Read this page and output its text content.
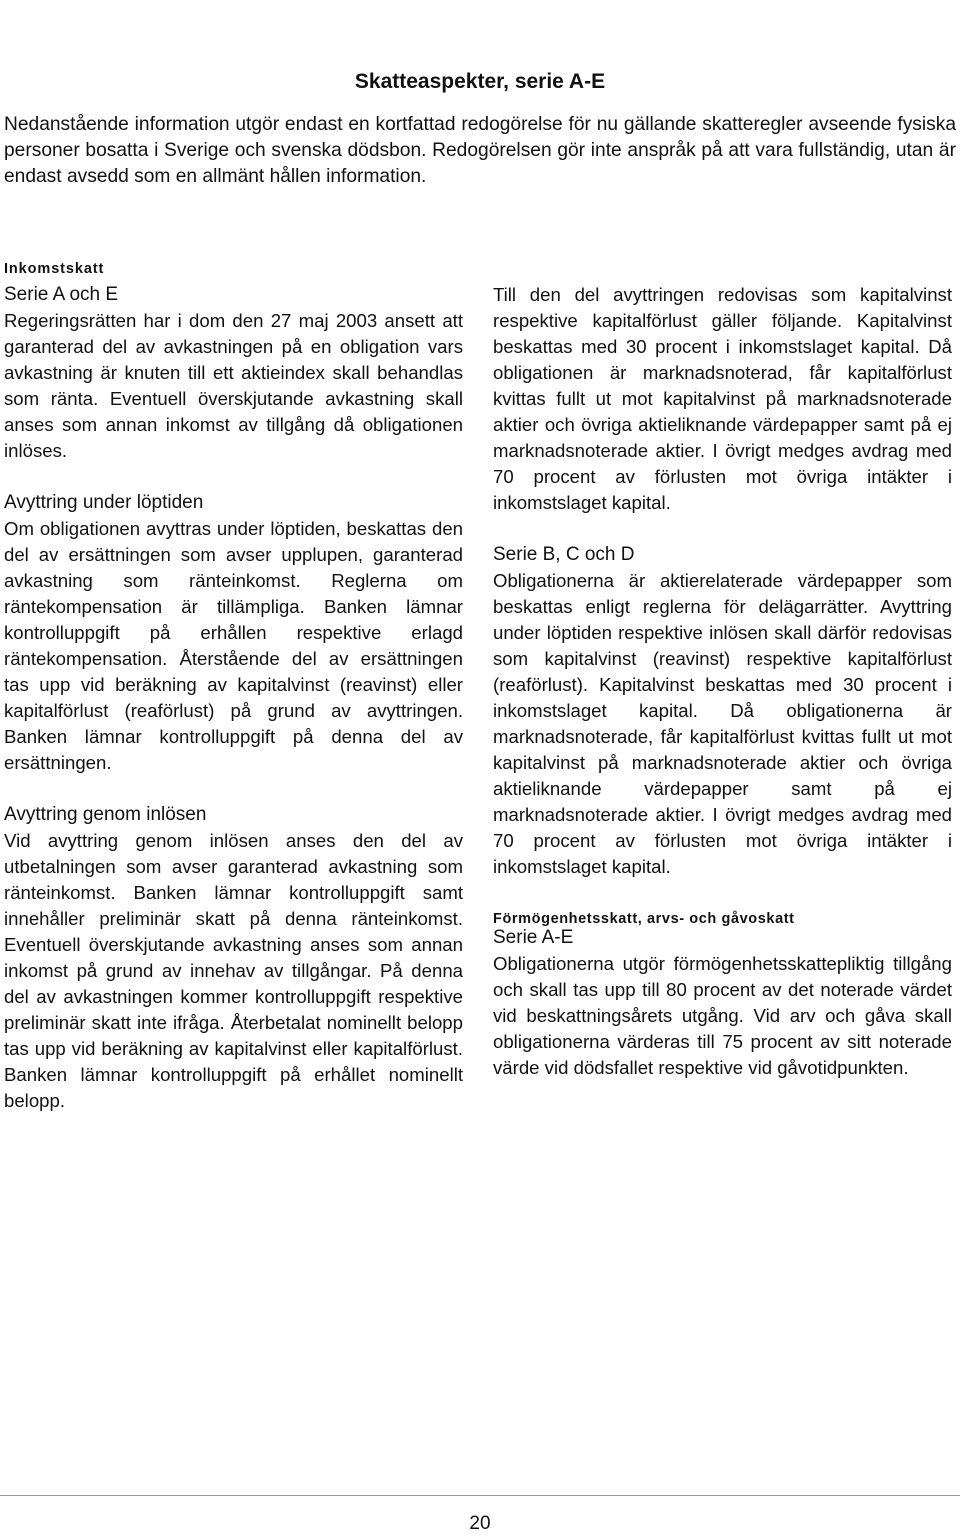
Skatteaspekter, serie A-E

Nedanstående information utgör endast en kortfattad redogörelse för nu gällande skatteregler avseende fysiska personer bosatta i Sverige och svenska dödsbon. Redogörelsen gör inte anspråk på att vara fullständig, utan är endast avsedd som en allmänt hållen information.

Inkomstskatt

Serie A och E

Regeringsrätten har i dom den 27 maj 2003 ansett att garanterad del av avkastningen på en obligation vars avkastning är knuten till ett aktieindex skall behandlas som ränta. Eventuell överskjutande avkastning skall anses som annan inkomst av tillgång då obligationen inlöses.

Avyttring under löptiden

Om obligationen avyttras under löptiden, beskattas den del av ersättningen som avser upplupen, garanterad avkastning som ränteinkomst. Reglerna om räntekompensation är tillämpliga. Banken lämnar kontrolluppgift på erhållen respektive erlagd räntekompensation. Återstående del av ersättningen tas upp vid beräkning av kapitalvinst (reavinst) eller kapitalförlust (reaförlust) på grund av avyttringen. Banken lämnar kontrolluppgift på denna del av ersättningen.

Avyttring genom inlösen

Vid avyttring genom inlösen anses den del av utbetalningen som avser garanterad avkastning som ränteinkomst. Banken lämnar kontrolluppgift samt innehåller preliminär skatt på denna ränteinkomst. Eventuell överskjutande avkastning anses som annan inkomst på grund av innehav av tillgångar. På denna del av avkastningen kommer kontrolluppgift respektive preliminär skatt inte ifråga. Återbetalat nominellt belopp tas upp vid beräkning av kapitalvinst eller kapitalförlust. Banken lämnar kontrolluppgift på erhållet nominellt belopp.

Till den del avyttringen redovisas som kapitalvinst respektive kapitalförlust gäller följande. Kapitalvinst beskattas med 30 procent i inkomstslaget kapital. Då obligationen är marknadsnoterad, får kapitalförlust kvittas fullt ut mot kapitalvinst på marknadsnoterade aktier och övriga aktieliknande värdepapper samt på ej marknadsnoterade aktier. I övrigt medges avdrag med 70 procent av förlusten mot övriga intäkter i inkomstslaget kapital.

Serie B, C och D

Obligationerna är aktierelaterade värdepapper som beskattas enligt reglerna för delägarrätter. Avyttring under löptiden respektive inlösen skall därför redovisas som kapitalvinst (reavinst) respektive kapitalförlust (reaförlust). Kapitalvinst beskattas med 30 procent i inkomstslaget kapital. Då obligationerna är marknadsnoterade, får kapitalförlust kvittas fullt ut mot kapitalvinst på marknadsnoterade aktier och övriga aktieliknande värdepapper samt på ej marknadsnoterade aktier. I övrigt medges avdrag med 70 procent av förlusten mot övriga intäkter i inkomstslaget kapital.

Förmögenhetsskatt, arvs- och gåvoskatt

Serie A-E

Obligationerna utgör förmögenhetsskattepliktig tillgång och skall tas upp till 80 procent av det noterade värdet vid beskattningsårets utgång. Vid arv och gåva skall obligationerna värderas till 75 procent av sitt noterade värde vid dödsfallet respektive vid gåvotidpunkten.

20
